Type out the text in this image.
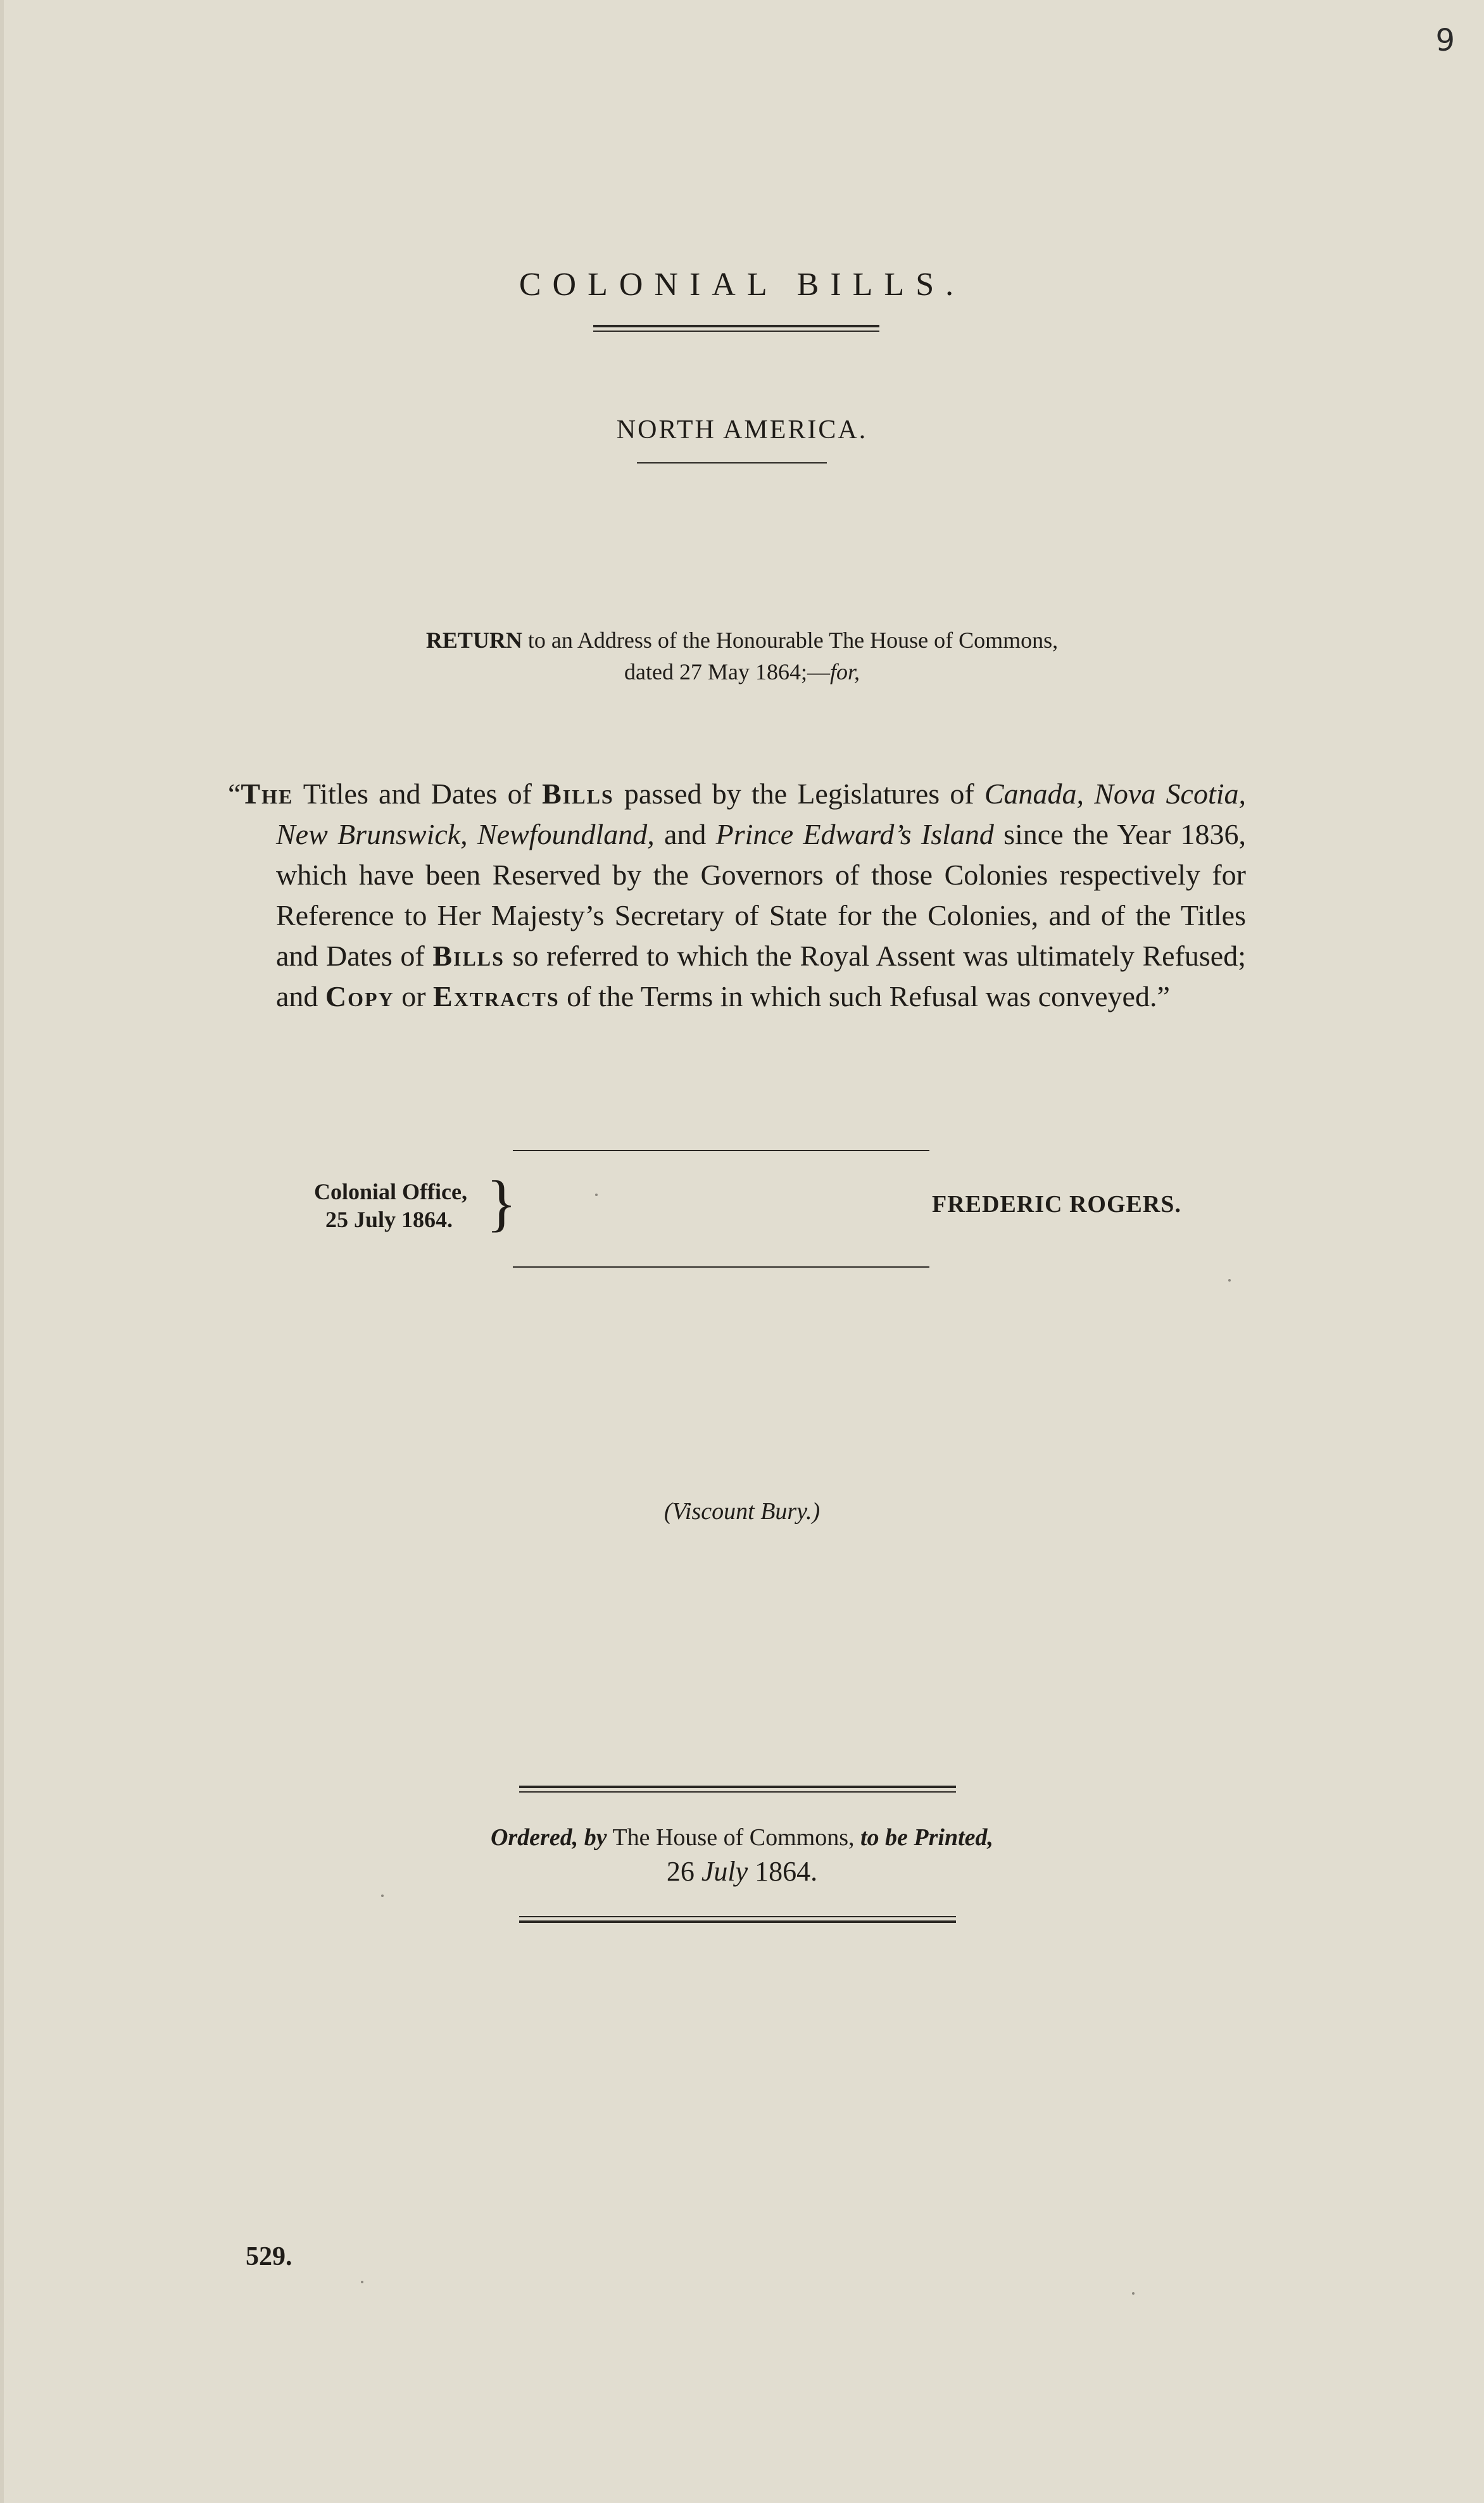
9
COLONIAL BILLS.
NORTH AMERICA.
RETURN to an Address of the Honourable The House of Commons,
dated 27 May 1864;—for,
“The Titles and Dates of Bills passed by the Legislatures of Canada, Nova Scotia, New Brunswick, Newfoundland, and Prince Edward’s Island since the Year 1836, which have been Reserved by the Governors of those Colonies respectively for Reference to Her Majesty’s Secretary of State for the Colonies, and of the Titles and Dates of Bills so referred to which the Royal Assent was ultimately Refused; and Copy or Extracts of the Terms in which such Refusal was conveyed.”
Colonial Office,
25 July 1864. }	FREDERIC ROGERS.
(Viscount Bury.)
Ordered, by The House of Commons, to be Printed,
26 July 1864.
529.
